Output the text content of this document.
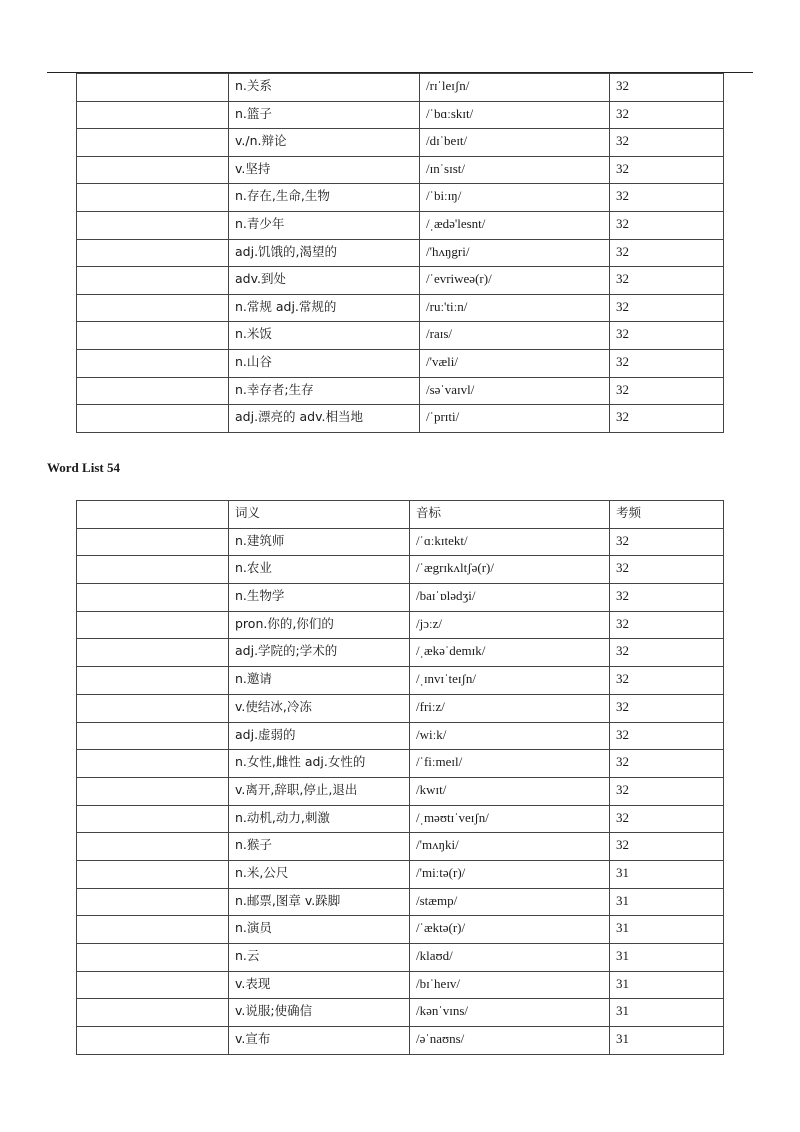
	n.关系	/rɪˈleɪʃn/	32
	n.篮子	/ˈbɑːskɪt/	32
	v./n.辩论	/dɪˈbeɪt/	32
	v.坚持	/ɪnˈsɪst/	32
	n.存在,生命,生物	/ˈbiːɪŋ/	32
	n.青少年	/ˌædə'lesnt/	32
	adj.饥饿的,渴望的	/'hʌŋgri/	32
	adv.到处	/ˈevriweə(r)/	32
	n.常规 adj.常规的	/ruː'tiːn/	32
	n.米饭	/raɪs/	32
	n.山谷	/'væli/	32
	n.幸存者;生存	/səˈvaɪvl/	32
	adj.漂亮的 adv.相当地	/ˈprɪti/	32
Word List 54
	词义	音标	考频
	n.建筑师	/ˈɑːkɪtekt/	32
	n.农业	/ˈægrɪkʌltʃə(r)/	32
	n.生物学	/baɪˈɒlədʒi/	32
	pron.你的,你们的	/jɔːz/	32
	adj.学院的;学术的	/ˌækəˈdemɪk/	32
	n.邀请	/ˌɪnvɪˈteɪʃn/	32
	v.使结冰,冷冻	/friːz/	32
	adj.虚弱的	/wiːk/	32
	n.女性,雌性 adj.女性的	/ˈfiːmeɪl/	32
	v.离开,辞职,停止,退出	/kwɪt/	32
	n.动机,动力,刺激	/ˌməʊtɪˈveɪʃn/	32
	n.猴子	/'mʌŋki/	32
	n.米,公尺	/'miːtə(r)/	31
	n.邮票,图章 v.跺脚	/stæmp/	31
	n.演员	/ˈæktə(r)/	31
	n.云	/klaʊd/	31
	v.表现	/bɪˈheɪv/	31
	v.说服;使确信	/kənˈvɪns/	31
	v.宣布	/əˈnaʊns/	31
